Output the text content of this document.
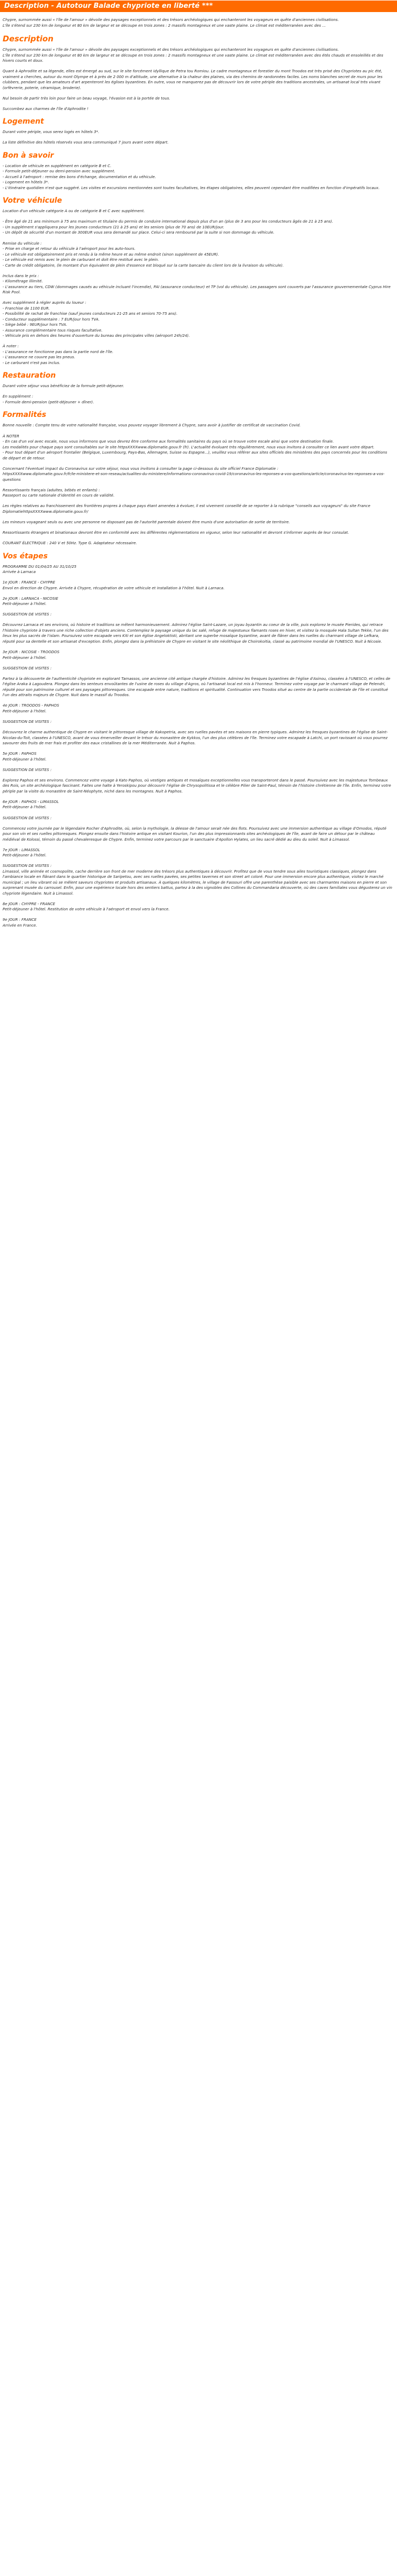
Description - Autotour Balade chypriote en liberté ***
Chypre, surnommée aussi « l'île de l'amour » dévoile des paysages exceptionnels et des trésors archéologiques qui enchanteront les voyageurs en quête d'anciennes civilisations.
L'île s'étend sur 230 km de longueur et 80 km de largeur et se découpe en trois zones : 2 massifs montagneux et une vaste plaine. Le climat est méditerranéen avec des ...
Description
Chypre, surnommée aussi « l'île de l'amour » dévoile des paysages exceptionnels et des trésors archéologiques qui enchanteront les voyageurs en quête d'anciennes civilisations.
L'île s'étend sur 230 km de longueur et 80 km de largeur et se découpe en trois zones : 2 massifs montagneux et une vaste plaine. Le climat est méditerranéen avec des étés chauds et ensoleillés et des hivers courts et doux.
Quant à Aphrodite et sa légende, elles est émergé au sud, sur le site forcément idyllique de Petra tou Romiou. Le cadre montagneux et forestier du mont Troodos est très prisé des Chypriotes au pic été, vraiment a cherches, autour du mont Olympe et à près de 2 000 m d'altitude, une alternative à la chaleur des plaines, via des chemins de randonnées faciles. Les noms blanches secret de murs pour les clubbers, pendant que les amateurs d'art arpenteront les églises byzantines. En outre, vous ne manquerez pas de découvrir lors de votre périple des traditions ancestrales, un artisanat local très vivant (orfèvrerie, poterie, céramique, broderie).
Nul besoin de partir très loin pour faire un beau voyage, l'évasion est à la portée de tous.
Succombez aux charmes de l'île d'Aphrodite !
Logement
Durant votre périple, vous serez logés en hôtels 3*.
La liste définitive des hôtels réservés vous sera communiqué 7 jours avant votre départ.
Bon à savoir
- Location de véhicule en supplément en catégorie B et C.
- Formule petit-déjeuner ou demi-pension avec supplément.
- Accueil à l'aéroport : remise des bons d'échange, documentation et du véhicule.
- Logement en hôtels 3*.
- L'itinéraire quotidien n'est que suggéré. Les visites et excursions mentionnées sont toutes facultatives, les étapes obligatoires, elles peuvent cependant être modifiées en fonction d'impératifs locaux.
Votre véhicule
Location d'un véhicule catégorie A ou de catégorie B et C avec supplément.
- Être âgé de 21 ans minimum à 75 ans maximum et titulaire du permis de conduire international depuis plus d'un an (plus de 3 ans pour les conducteurs âgés de 21 à 25 ans).
- Un supplément s'appliquera pour les jeunes conducteurs (21 à 25 ans) et les seniors (plus de 70 ans) de 10EUR/jour.
- Un dépôt de sécurité d'un montant de 300EUR vous sera demandé sur place. Celui-ci sera remboursé par la suite si non dommage du véhicule.
Remise du véhicule :
- Prise en charge et retour du véhicule à l'aéroport pour les auto-tours.
- Le véhicule est obligatoirement pris et rendu à la même heure et au même endroit (sinon supplément de 45EUR).
- Le véhicule est remis avec le plein de carburant et doit être restitué avec le plein.
- Carte de crédit obligatoire, (le montant d'un équivalent de plein d'essence est bloqué sur la carte bancaire du client lors de la livraison du véhicule).
Inclus dans le prix :
- Kilométrage illimité.
- L'assurance au tiers, CDW (dommages causés au véhicule incluant l'incendie), PAI (assurance conducteur) et TP (vol du véhicule). Les passagers sont couverts par l'assurance gouvernementale Cyprus Hire Risk Pool.
Avec supplément à régler auprès du loueur :
- Franchise de 1100 EUR.
- Possibilité de rachat de franchise (sauf jeunes conducteurs 21-25 ans et seniors 70-75 ans).
- Conducteur supplémentaire : 7 EUR/jour hors TVA.
- Siège bébé : 9EUR/jour hors TVA.
- Assurance complémentaire tous risques facultative.
- Véhicule pris en dehors des heures d'ouverture du bureau des principales villes (aéroport 24h/24).
À noter :
- L'assurance ne fonctionne pas dans la partie nord de l'île.
- L'assurance ne couvre pas les pneus.
- Le carburant n'est pas inclus.
Restauration
Durant votre séjour vous bénéficiez de la formule petit-déjeuner.
En supplément :
- Formule demi-pension (petit-déjeuner + dîner).
Formalités
Bonne nouvelle : Compte tenu de votre nationalité française, vous pouvez voyager librement à Chypre, sans avoir à justifier de certificat de vaccination Covid.
À NOTER
- En cas d'un vol avec escale, nous vous informons que vous devrez être conforme aux formalités sanitaires du pays où se trouve votre escale ainsi que votre destination finale.
Les modalités pour chaque pays sont consultables sur le site httpsXXXXwww.diplomatie.gouv.fr (fr). L'actualité évoluant très régulièrement, nous vous invitons à consulter ce lien avant votre départ.
- Pour tout départ d'un aéroport frontalier (Belgique, Luxembourg, Pays-Bas, Allemagne, Suisse ou Espagne...), veuillez vous référer aux sites officiels des ministères des pays concernés pour les conditions de départ et de retour.
Concernant l'éventuel impact du Coronavirus sur votre séjour, nous vous invitons à consulter la page ci-dessous du site officiel France Diplomatie :
httpsXXXXwww.diplomatie.gouv.fr/fr/le-ministere-et-son-reseau/actualites-du-ministere/informations-coronavirus-covid-19/coronavirus-les-reponses-a-vos-questions/article/coronavirus-les-reponses-a-vos-questions
Ressortissants français (adultes, bébés et enfants) :
Passeport ou carte nationale d'identité en cours de validité.
Les règles relatives au franchissement des frontières propres à chaque pays étant amenées à évoluer, il est vivement conseillé de se reporter à la rubrique "conseils aux voyageurs" du site France DiplomatiehttpsXXXXwww.diplomatie.gouv.fr/
Les mineurs voyageant seuls ou avec une personne ne disposant pas de l'autorité parentale doivent être munis d'une autorisation de sortie de territoire.
Ressortissants étrangers et binationaux devront être en conformité avec les différentes réglementations en vigueur, selon leur nationalité et devront s'informer auprès de leur consulat.
COURANT ÉLECTRIQUE : 240 V et 50Hz. Type G. Adaptateur nécessaire.
Vos étapes
PROGRAMME DU 01/04/25 AU 31/10/25
Arrivée à Larnaca
1e JOUR : FRANCE - CHYPRE
Envol en direction de Chypre. Arrivée à Chypre, récupération de votre véhicule et installation à l'hôtel. Nuit à Larnaca.
2e JOUR : LARNACA - NICOSIE
Petit-déjeuner à l'hôtel.
SUGGESTION DE VISITES :
Découvrez Larnaca et ses environs, où histoire et traditions se mêlent harmonieusement. Admirez l'église Saint-Lazare, un joyau byzantin au coeur de la ville, puis explorez le musée Pierides, qui retrace l'histoire chypriote à travers une riche collection d'objets anciens. Contemplez le paysage unique du lac salé, refuge de majestueux flamants roses en hiver, et visitez la mosquée Hala Sultan Tekke, l'un des lieux les plus sacrés de l'islam. Poursuivez votre escapade vers Kiti et son église Angeloktisti, abritant une superbe mosaïque byzantine, avant de flâner dans les ruelles du charmant village de Lefkara, réputé pour sa dentelle et son artisanat d'exception. Enfin, plongez dans la préhistoire de Chypre en visitant le site néolithique de Choirokoitia, classé au patrimoine mondial de l'UNESCO. Nuit à Nicosie.
3e JOUR : NICOSIE - TROODOS
Petit-déjeuner à l'hôtel.
SUGGESTION DE VISITES :
Partez à la découverte de l'authenticité chypriote en explorant Tamassos, une ancienne cité antique chargée d'histoire. Admirez les fresques byzantines de l'église d'Asinou, classées à l'UNESCO, et celles de l'église Araka à Lagoudera. Plongez dans les senteurs envoûtantes de l'usine de roses du village d'Agros, où l'artisanat local est mis à l'honneur. Terminez votre voyage par le charmant village de Pelendri, réputé pour son patrimoine culturel et ses paysages pittoresques. Une escapade entre nature, traditions et spiritualité. Continuation vers Troodos situé au centre de la partie occidentale de l'île et constitué l'un des attraits majeurs de Chypre. Nuit dans le massif du Troodos.
4e JOUR : TROODOS - PAPHOS
Petit-déjeuner à l'hôtel.
SUGGESTION DE VISITES :
Découvrez le charme authentique de Chypre en visitant le pittoresque village de Kakopetria, avec ses ruelles pavées et ses maisons en pierre typiques. Admirez les fresques byzantines de l'église de Saint-Nicolas-du-Toit, classées à l'UNESCO, avant de vous émerveiller devant le trésor du monastère de Kykkos, l'un des plus célèbres de l'île. Terminez votre escapade à Latchi, un port ravissant où vous pourrez savourer des fruits de mer frais et profiter des eaux cristallines de la mer Méditerranée. Nuit à Paphos.
5e JOUR : PAPHOS
Petit-déjeuner à l'hôtel.
SUGGESTION DE VISITES :
Explorez Paphos et ses environs. Commencez votre voyage à Kato Paphos, où vestiges antiques et mosaïques exceptionnelles vous transporteront dans le passé. Poursuivez avec les majestueux Tombeaux des Rois, un site archéologique fascinant. Faites une halte à Yeroskipou pour découvrir l'église de Chrysopolitissa et le célèbre Pilier de Saint-Paul, témoin de l'histoire chrétienne de l'île. Enfin, terminez votre périple par la visite du monastère de Saint-Néophyte, niché dans les montagnes. Nuit à Paphos.
6e JOUR : PAPHOS - LIMASSOL
Petit-déjeuner à l'hôtel.
SUGGESTION DE VISITES :
Commencez votre journée par le légendaire Rocher d'Aphrodite, où, selon la mythologie, la déesse de l'amour serait née des flots. Poursuivez avec une immersion authentique au village d'Omodos, réputé pour son vin et ses ruelles pittoresques. Plongez ensuite dans l'histoire antique en visitant Kourion, l'un des plus impressionnants sites archéologiques de l'île, avant de faire un détour par le château médiéval de Kolossi, témoin du passé chevaleresque de Chypre. Enfin, terminez votre parcours par le sanctuaire d'Apollon Hylates, un lieu sacré dédié au dieu du soleil. Nuit à Limassol.
7e JOUR : LIMASSOL
Petit-déjeuner à l'hôtel.
SUGGESTION DE VISITES :
Limassol, ville animée et cosmopolite, cache derrière son front de mer moderne des trésors plus authentiques à découvrir. Profitez que de vous tendre sous ailes touristiques classiques, plongez dans l'ambiance locale en flânant dans le quartier historique de Saripetou, avec ses ruelles pavées, ses petites tavernes et son street art coloré. Pour une immersion encore plus authentique, visitez le marché municipal ; un lieu vibrant où se mêlent saveurs chypriotes et produits artisanaux. À quelques kilomètres, le village de Fassouri offre une parenthèse paisible avec ses charmantes maisons en pierre et son surprenant musée du carrousel. Enfin, pour une expérience locale hors des sentiers battus, partez à la des vignobles des Collines du Commandaria découverte, où des caves familiales vous dégusterez un vin chypriote légendaire. Nuit à Limassol.
8e JOUR : CHYPRE - FRANCE
Petit-déjeuner à l'hôtel. Restitution de votre véhicule à l'aéroport et envol vers la France.
9e JOUR : FRANCE
Arrivée en France.
